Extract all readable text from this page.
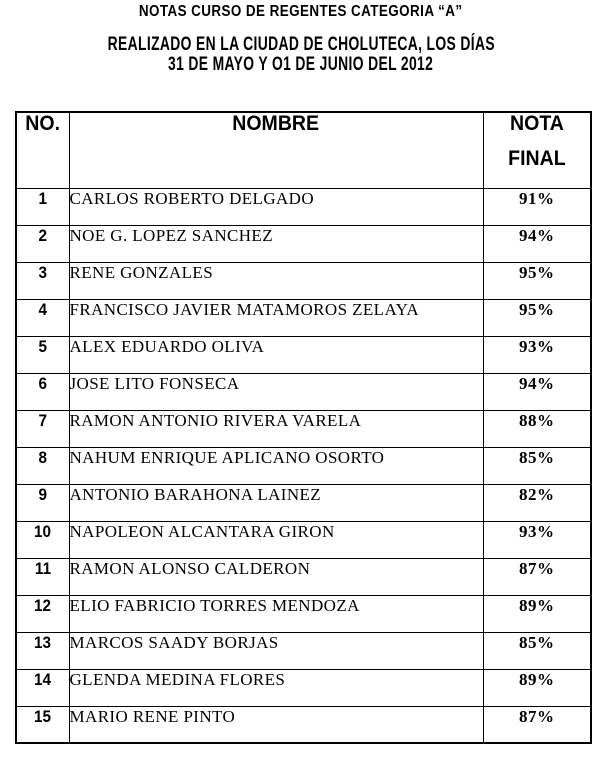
NOTAS CURSO DE REGENTES CATEGORIA “A”
REALIZADO EN LA CIUDAD DE CHOLUTECA, LOS DÍAS
31 DE MAYO Y O1 DE JUNIO DEL 2012
NO.	NOMBRE	NOTA
FINAL

1	CARLOS ROBERTO DELGADO	91%
2	NOE G. LOPEZ SANCHEZ	94%
3	RENE GONZALES	95%
4	FRANCISCO JAVIER MATAMOROS ZELAYA	95%
5	ALEX EDUARDO OLIVA	93%
6	JOSE LITO FONSECA	94%
7	RAMON ANTONIO RIVERA VARELA	88%
8	NAHUM ENRIQUE APLICANO OSORTO	85%
9	ANTONIO BARAHONA LAINEZ	82%
10	NAPOLEON ALCANTARA GIRON	93%
11	RAMON ALONSO CALDERON	87%
12	ELIO FABRICIO TORRES MENDOZA	89%
13	MARCOS SAADY BORJAS	85%
14	GLENDA MEDINA FLORES	89%
15	MARIO RENE PINTO	87%
